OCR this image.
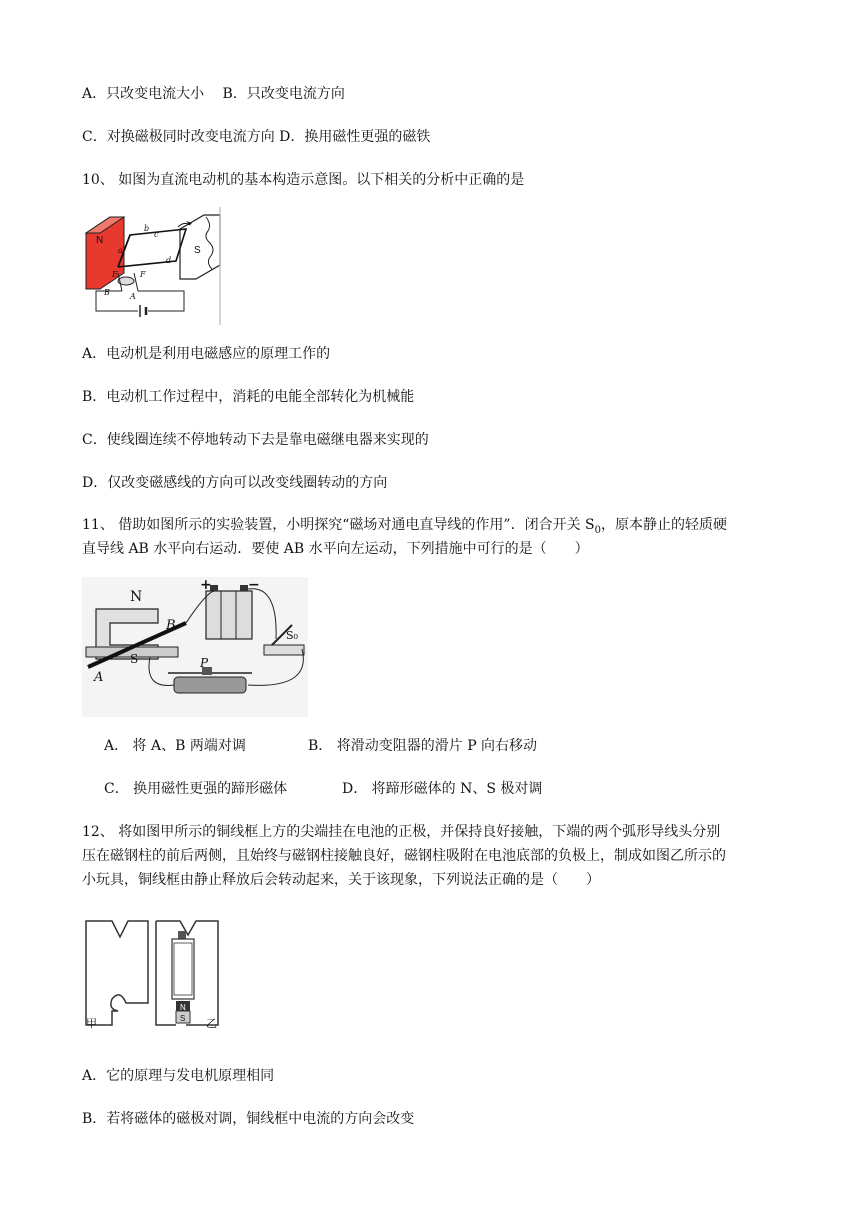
A．只改变电流大小　 B．只改变电流方向
C．对换磁极同时改变电流方向 D．换用磁性更强的磁铁
10、 如图为直流电动机的基本构造示意图。以下相关的分析中正确的是
N
S
a
b
c
d
E	F
B	A
A．电动机是利用电磁感应的原理工作的
B．电动机工作过程中，消耗的电能全部转化为机械能
C．使线圈连续不停地转动下去是靠电磁继电器来实现的
D．仅改变磁感线的方向可以改变线圈转动的方向
11、 借助如图所示的实验装置，小明探究“磁场对通电直导线的作用”．闭合开关 $S_0$，原本静止的轻质硬
直导线 AB 水平向右运动．要使 AB 水平向左运动，下列措施中可行的是（　　）
N
S
A
B
P
+	−
S₀
A． 将 A、B 两端对调	B． 将滑动变阻器的滑片 P 向右移动
C． 换用磁性更强的蹄形磁体	D． 将蹄形磁体的 N、S 极对调
12、 将如图甲所示的铜线框上方的尖端挂在电池的正极，并保持良好接触，下端的两个弧形导线头分别
压在磁钢柱的前后两侧，且始终与磁钢柱接触良好，磁钢柱吸附在电池底部的负极上，制成如图乙所示的
小玩具，铜线框由静止释放后会转动起来，关于该现象，下列说法正确的是（　　）
N
S
甲	乙
A．它的原理与发电机原理相同
B．若将磁体的磁极对调，铜线框中电流的方向会改变
